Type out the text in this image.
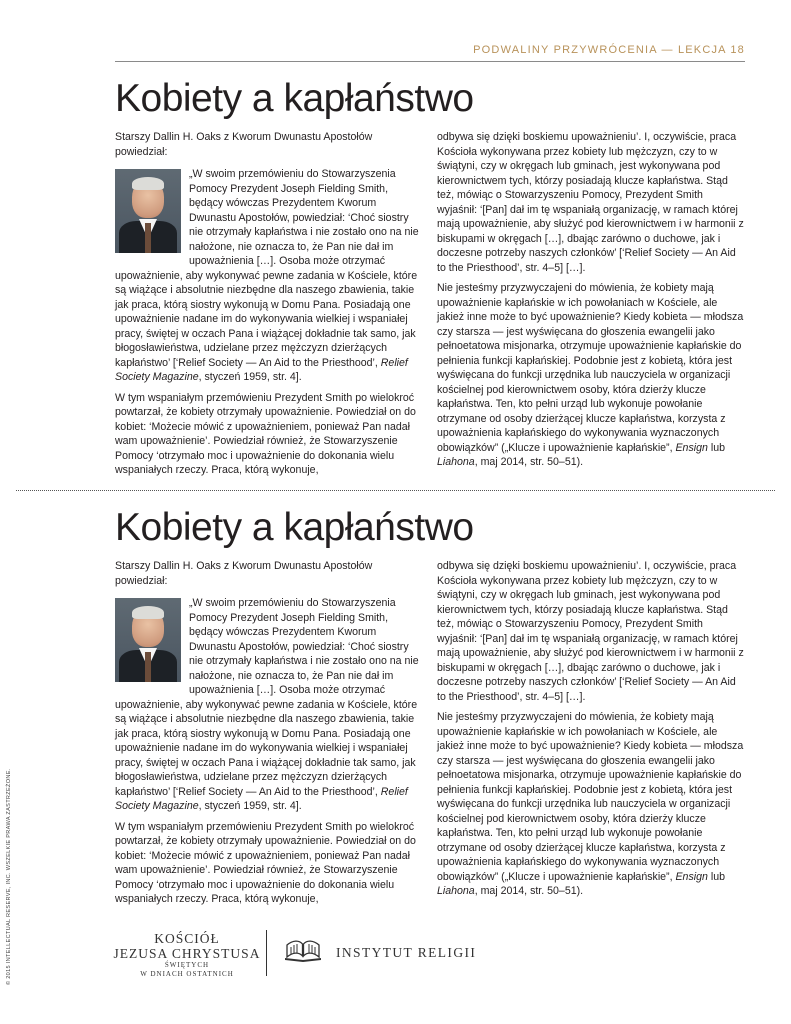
PODWALINY PRZYWRÓCENIA — LEKCJA 18
Kobiety a kapłaństwo

Starszy Dallin H. Oaks z Kworum Dwunastu Apostołów powiedział:

„W swoim przemówieniu do Stowarzyszenia Pomocy Prezydent Joseph Fielding Smith, będący wówczas Prezydentem Kworum Dwunastu Apostołów, powiedział: ‘Choć siostry nie otrzymały kapłaństwa i nie zostało ono na nie nałożone, nie oznacza to, że Pan nie dał im upoważnienia […]. Osoba może otrzymać upoważnienie, aby wykonywać pewne zadania w Kościele, które są wiążące i absolutnie niezbędne dla naszego zbawienia, takie jak praca, którą siostry wykonują w Domu Pana. Posiadają one upoważnienie nadane im do wykonywania wielkiej i wspaniałej pracy, świętej w oczach Pana i wiążącej dokładnie tak samo, jak błogosławieństwa, udzielane przez mężczyzn dzierżących kapłaństwo’ [‘Relief Society — An Aid to the Priesthood’, Relief Society Magazine, styczeń 1959, str. 4].

W tym wspaniałym przemówieniu Prezydent Smith po wielokroć powtarzał, że kobiety otrzymały upoważnienie. Powiedział on do kobiet: ‘Możecie mówić z upoważnieniem, ponieważ Pan nadał wam upoważnienie’. Powiedział również, że Stowarzyszenie Pomocy ‘otrzymało moc i upoważnienie do dokonania wielu wspaniałych rzeczy. Praca, którą wykonuje,

odbywa się dzięki boskiemu upoważnieniu’. I, oczywiście, praca Kościoła wykonywana przez kobiety lub mężczyzn, czy to w świątyni, czy w okręgach lub gminach, jest wykonywana pod kierownictwem tych, którzy posiadają klucze kapłaństwa. Stąd też, mówiąc o Stowarzyszeniu Pomocy, Prezydent Smith wyjaśnił: ‘[Pan] dał im tę wspaniałą organizację, w ramach której mają upoważnienie, aby służyć pod kierownictwem i w harmonii z biskupami w okręgach […], dbając zarówno o duchowe, jak i doczesne potrzeby naszych członków’ [‘Relief Society — An Aid to the Priesthood’, str. 4–5] […].

Nie jesteśmy przyzwyczajeni do mówienia, że kobiety mają upoważnienie kapłańskie w ich powołaniach w Kościele, ale jakież inne może to być upoważnienie? Kiedy kobieta — młodsza czy starsza — jest wyświęcana do głoszenia ewangelii jako pełnoetatowa misjonarka, otrzymuje upoważnienie kapłańskie do pełnienia funkcji kapłańskiej. Podobnie jest z kobietą, która jest wyświęcana do funkcji urzędnika lub nauczyciela w organizacji kościelnej pod kierownictwem osoby, która dzierży klucze kapłaństwa. Ten, kto pełni urząd lub wykonuje powołanie otrzymane od osoby dzierżącej klucze kapłaństwa, korzysta z upoważnienia kapłańskiego do wykonywania wyznaczonych obowiązków” („Klucze i upoważnienie kapłańskie”, Ensign lub Liahona, maj 2014, str. 50–51).

Kobiety a kapłaństwo

Starszy Dallin H. Oaks z Kworum Dwunastu Apostołów powiedział:

„W swoim przemówieniu do Stowarzyszenia Pomocy Prezydent Joseph Fielding Smith, będący wówczas Prezydentem Kworum Dwunastu Apostołów, powiedział: ‘Choć siostry nie otrzymały kapłaństwa i nie zostało ono na nie nałożone, nie oznacza to, że Pan nie dał im upoważnienia […]. Osoba może otrzymać upoważnienie, aby wykonywać pewne zadania w Kościele, które są wiążące i absolutnie niezbędne dla naszego zbawienia, takie jak praca, którą siostry wykonują w Domu Pana. Posiadają one upoważnienie nadane im do wykonywania wielkiej i wspaniałej pracy, świętej w oczach Pana i wiążącej dokładnie tak samo, jak błogosławieństwa, udzielane przez mężczyzn dzierżących kapłaństwo’ [‘Relief Society — An Aid to the Priesthood’, Relief Society Magazine, styczeń 1959, str. 4].

W tym wspaniałym przemówieniu Prezydent Smith po wielokroć powtarzał, że kobiety otrzymały upoważnienie. Powiedział on do kobiet: ‘Możecie mówić z upoważnieniem, ponieważ Pan nadał wam upoważnienie’. Powiedział również, że Stowarzyszenie Pomocy ‘otrzymało moc i upoważnienie do dokonania wielu wspaniałych rzeczy. Praca, którą wykonuje,

odbywa się dzięki boskiemu upoważnieniu’. I, oczywiście, praca Kościoła wykonywana przez kobiety lub mężczyzn, czy to w świątyni, czy w okręgach lub gminach, jest wykonywana pod kierownictwem tych, którzy posiadają klucze kapłaństwa. Stąd też, mówiąc o Stowarzyszeniu Pomocy, Prezydent Smith wyjaśnił: ‘[Pan] dał im tę wspaniałą organizację, w ramach której mają upoważnienie, aby służyć pod kierownictwem i w harmonii z biskupami w okręgach […], dbając zarówno o duchowe, jak i doczesne potrzeby naszych członków’ [‘Relief Society — An Aid to the Priesthood’, str. 4–5] […].

Nie jesteśmy przyzwyczajeni do mówienia, że kobiety mają upoważnienie kapłańskie w ich powołaniach w Kościele, ale jakież inne może to być upoważnienie? Kiedy kobieta — młodsza czy starsza — jest wyświęcana do głoszenia ewangelii jako pełnoetatowa misjonarka, otrzymuje upoważnienie kapłańskie do pełnienia funkcji kapłańskiej. Podobnie jest z kobietą, która jest wyświęcana do funkcji urzędnika lub nauczyciela w organizacji kościelnej pod kierownictwem osoby, która dzierży klucze kapłaństwa. Ten, kto pełni urząd lub wykonuje powołanie otrzymane od osoby dzierżącej klucze kapłaństwa, korzysta z upoważnienia kapłańskiego do wykonywania wyznaczonych obowiązków” („Klucze i upoważnienie kapłańskie”, Ensign lub Liahona, maj 2014, str. 50–51).

© 2015 INTELLECTUAL RESERVE, INC. WSZELKIE PRAWA ZASTRZEŻONE.	KOŚCIÓŁ
JEZUSA CHRYSTUSA
ŚWIĘTYCH
W DNIACH OSTATNICH
INSTYTUT RELIGII
